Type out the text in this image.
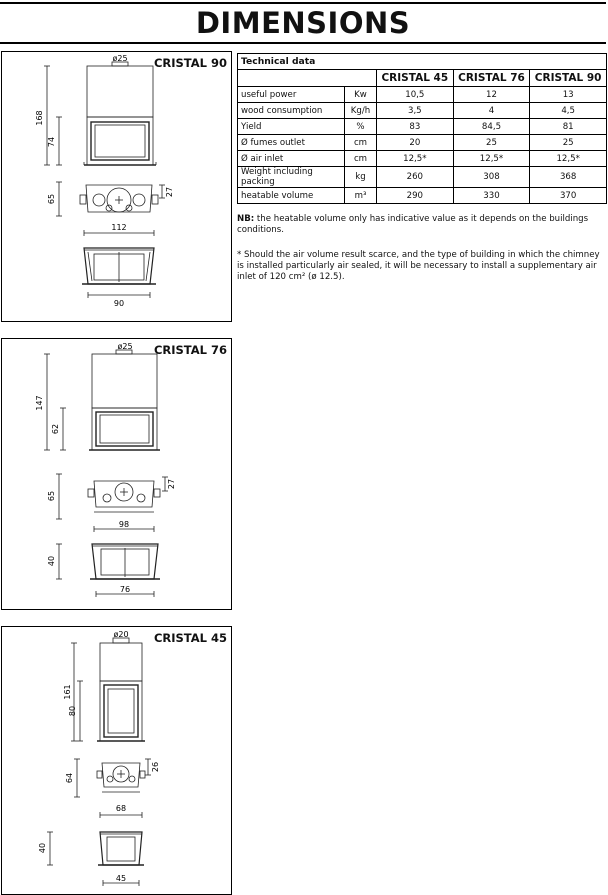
DIMENSIONS
CRISTAL 90
ø25
168
74
65
27
112
90
CRISTAL 76
ø25
147
62
65
27
98
40
76
CRISTAL 45
ø20
161
80
64
26
68
40
45
Technical data				
		CRISTAL 45	CRISTAL 76	CRISTAL 90
useful power	Kw	10,5	12	13
wood consumption	Kg/h	3,5	4	4,5
Yield	%	83	84,5	81
Ø fumes outlet	cm	20	25	25
Ø air inlet	cm	12,5*	12,5*	12,5*
Weight including packing	kg	260	308	368
heatable volume	m³	290	330	370
NB: the heatable volume only has indicative value as it depends on the buildings conditions.
* Should the air volume result scarce, and the type of building in which the chimney is installed particularly air sealed, it will be necessary to install a supplementary air inlet of 120 cm² (ø 12.5).
